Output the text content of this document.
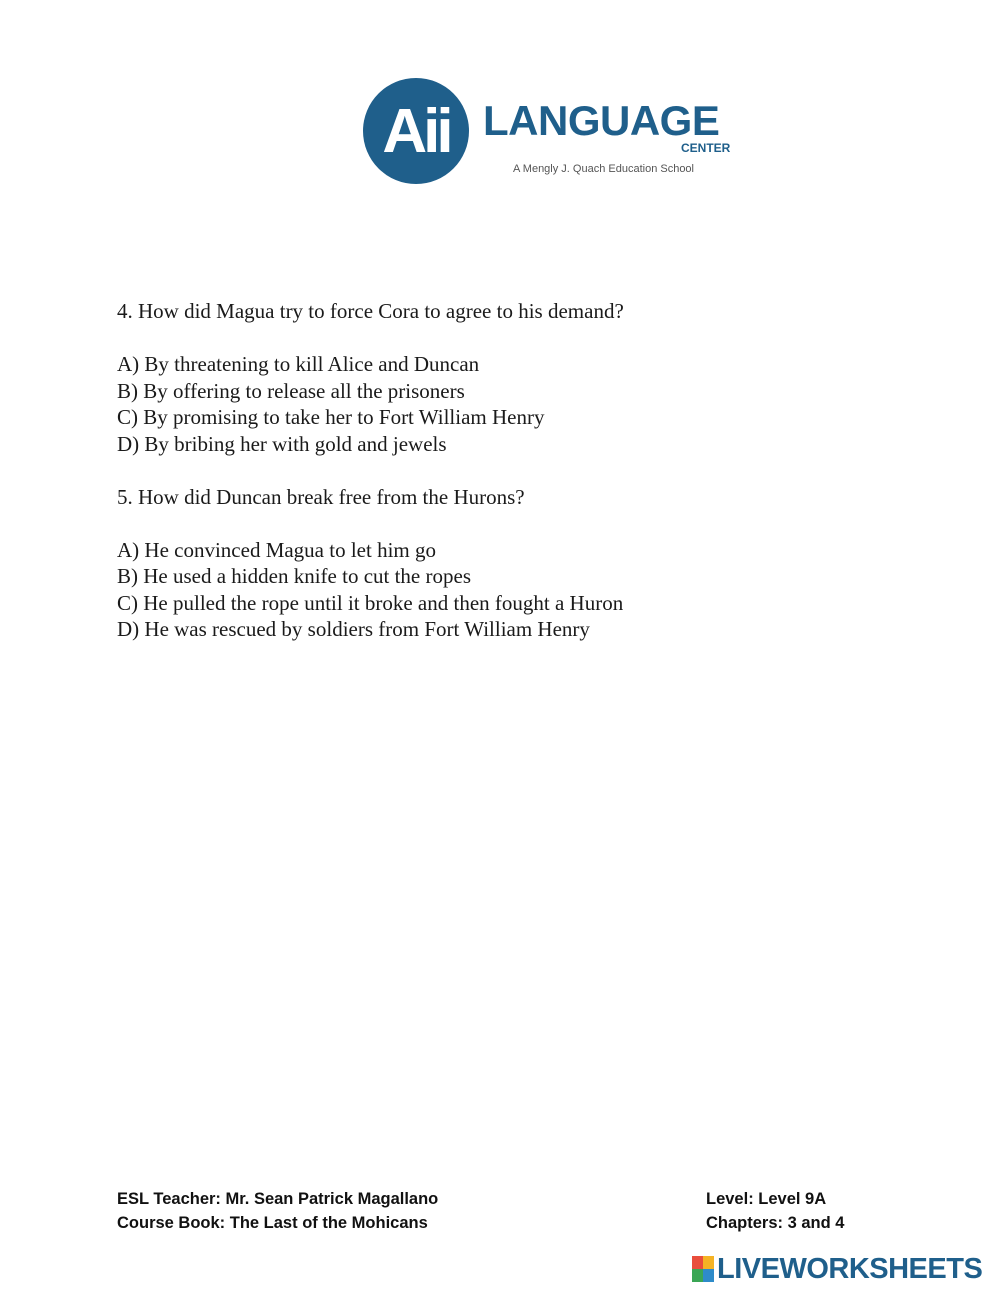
Aii LANGUAGE
CENTER
A Mengly J. Quach Education School

4. How did Magua try to force Cora to agree to his demand?

A) By threatening to kill Alice and Duncan
B) By offering to release all the prisoners
C) By promising to take her to Fort William Henry
D) By bribing her with gold and jewels

5. How did Duncan break free from the Hurons?

A) He convinced Magua to let him go
B) He used a hidden knife to cut the ropes
C) He pulled the rope until it broke and then fought a Huron
D) He was rescued by soldiers from Fort William Henry
ESL Teacher: Mr. Sean Patrick Magallano
Course Book: The Last of the Mohicans
Level: Level 9A
Chapters: 3 and 4
LIVEWORKSHEETS
